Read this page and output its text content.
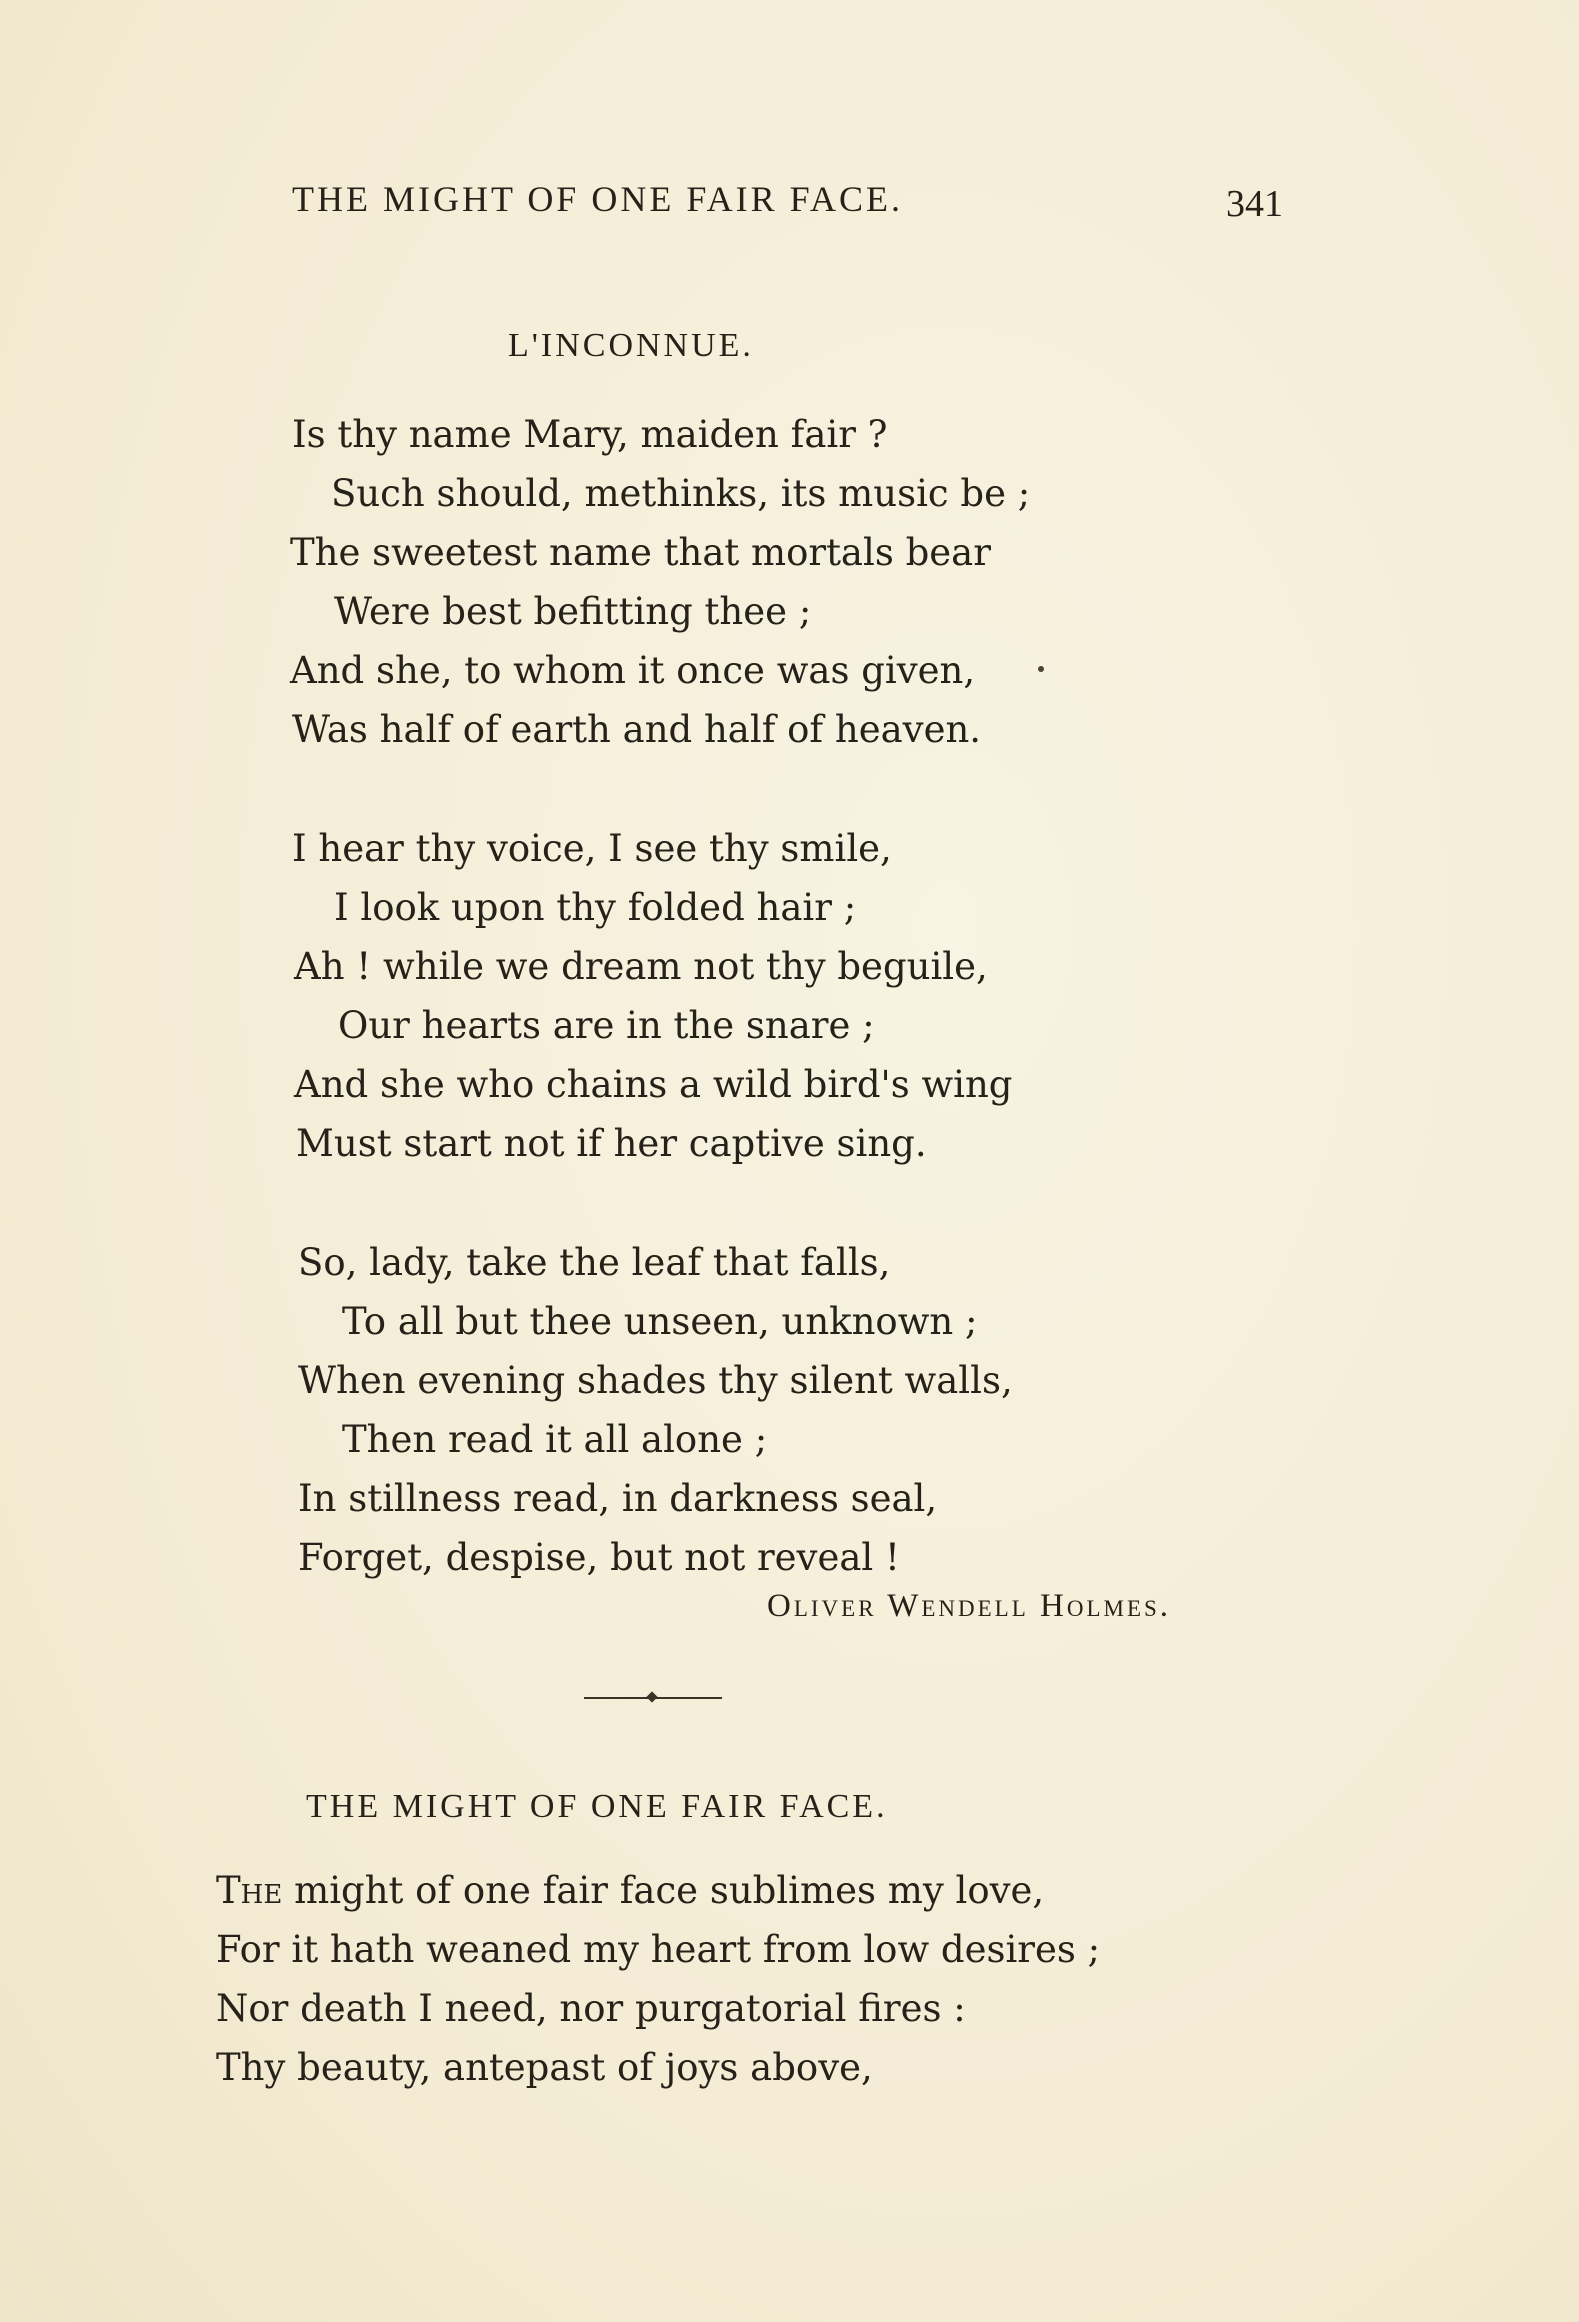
THE MIGHT OF ONE FAIR FACE.	341
L'INCONNUE.
Is thy name Mary, maiden fair ?
Such should, methinks, its music be ;
The sweetest name that mortals bear
Were best befitting thee ;
And she, to whom it once was given,
Was half of earth and half of heaven.
I hear thy voice, I see thy smile,
I look upon thy folded hair ;
Ah ! while we dream not thy beguile,
Our hearts are in the snare ;
And she who chains a wild bird's wing
Must start not if her captive sing.
So, lady, take the leaf that falls,
To all but thee unseen, unknown ;
When evening shades thy silent walls,
Then read it all alone ;
In stillness read, in darkness seal,
Forget, despise, but not reveal !
Oliver Wendell Holmes.
THE MIGHT OF ONE FAIR FACE.
The might of one fair face sublimes my love,
For it hath weaned my heart from low desires ;
Nor death I need, nor purgatorial fires :
Thy beauty, antepast of joys above,
